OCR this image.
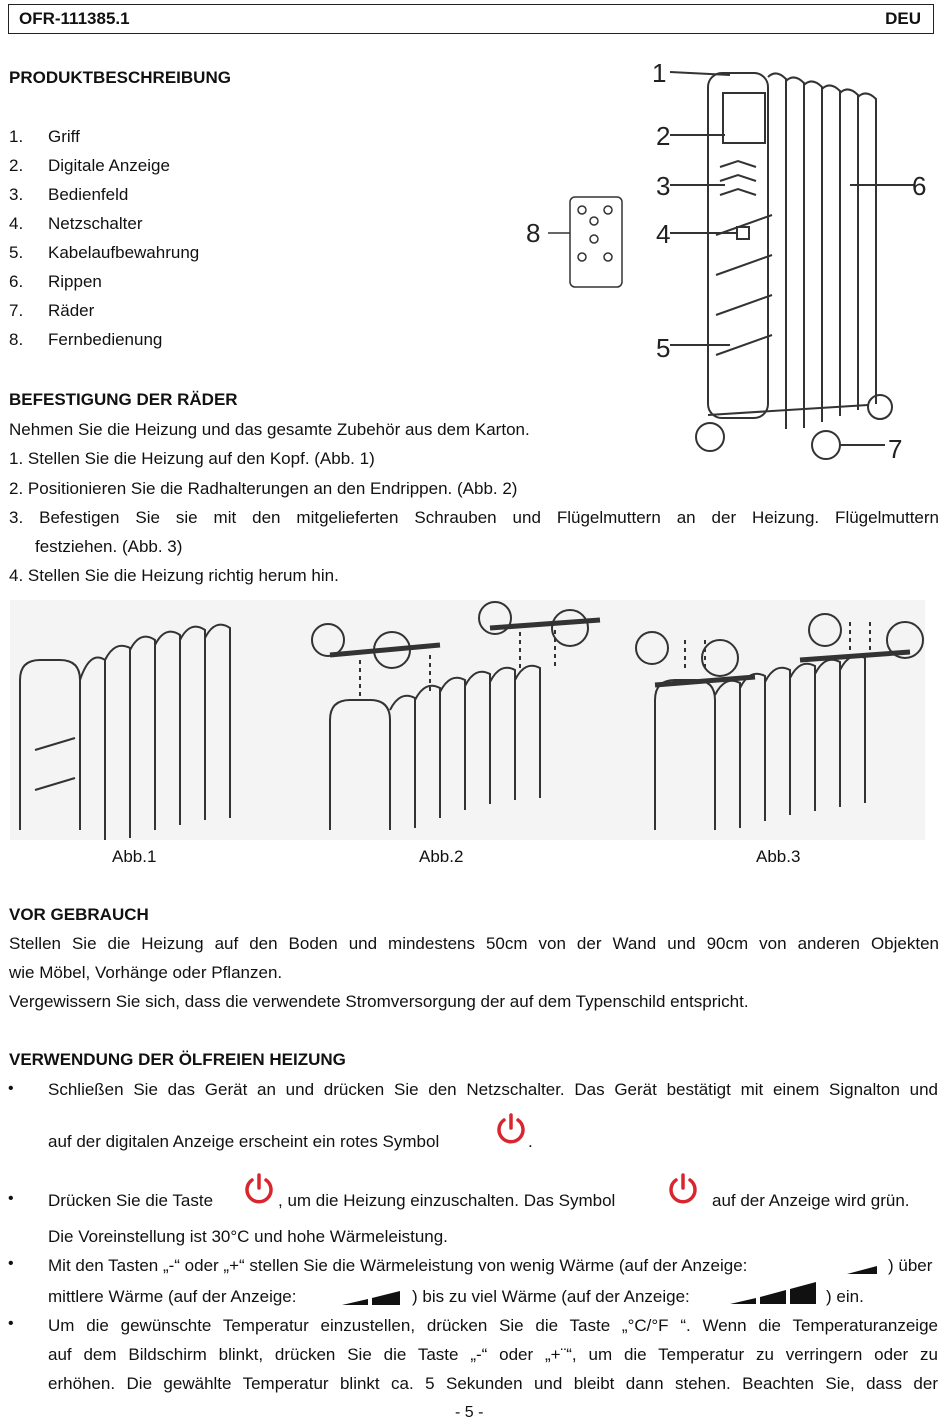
OFR-111385.1	DEU
PRODUKTBESCHREIBUNG
1. Griff
2. Digitale Anzeige
3. Bedienfeld
4. Netzschalter
5. Kabelaufbewahrung
6. Rippen
7. Räder
8. Fernbedienung
1
2
3
4
5
6
7
8
BEFESTIGUNG DER RÄDER
Nehmen Sie die Heizung und das gesamte Zubehör aus dem Karton.
1. Stellen Sie die Heizung auf den Kopf. (Abb. 1)
2. Positionieren Sie die Radhalterungen an den Endrippen. (Abb. 2)
3. Befestigen Sie sie mit den mitgelieferten Schrauben und Flügelmuttern an der Heizung. Flügelmuttern
festziehen. (Abb. 3)
4. Stellen Sie die Heizung richtig herum hin.
Abb.1	Abb.2	Abb.3
VOR GEBRAUCH
Stellen Sie die Heizung auf den Boden und mindestens 50cm von der Wand und 90cm von anderen Objekten
wie Möbel, Vorhänge oder Pflanzen.
Vergewissern Sie sich, dass die verwendete Stromversorgung der auf dem Typenschild entspricht.
VERWENDUNG DER ÖLFREIEN HEIZUNG
• Schließen Sie das Gerät an und drücken Sie den Netzschalter. Das Gerät bestätigt mit einem Signalton und
auf der digitalen Anzeige erscheint ein rotes Symbol	.
• Drücken Sie die Taste	, um die Heizung einzuschalten. Das Symbol	auf der Anzeige wird grün.
Die Voreinstellung ist 30°C und hohe Wärmeleistung.
• Mit den Tasten „-“ oder „+“ stellen Sie die Wärmeleistung von wenig Wärme (auf der Anzeige:	) über
mittlere Wärme (auf der Anzeige:	) bis zu viel Wärme (auf der Anzeige:	) ein.
• Um die gewünschte Temperatur einzustellen, drücken Sie die Taste „°C/°F “. Wenn die Temperaturanzeige
auf dem Bildschirm blinkt, drücken Sie die Taste „-“ oder „+¨“, um die Temperatur zu verringern oder zu
erhöhen. Die gewählte Temperatur blinkt ca. 5 Sekunden und bleibt dann stehen. Beachten Sie, dass der
- 5 -
